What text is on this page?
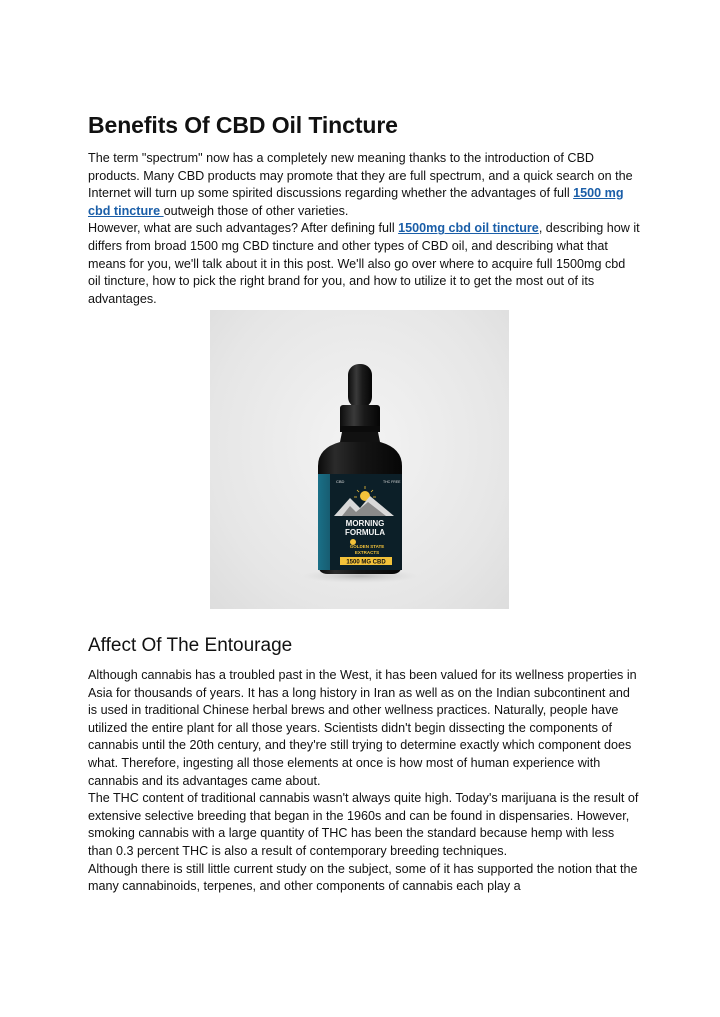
Benefits Of CBD Oil Tincture
The term "spectrum" now has a completely new meaning thanks to the introduction of CBD products. Many CBD products may promote that they are full spectrum, and a quick search on the Internet will turn up some spirited discussions regarding whether the advantages of full 1500 mg cbd tincture outweigh those of other varieties.
However, what are such advantages? After defining full 1500mg cbd oil tincture, describing how it differs from broad 1500 mg CBD tincture and other types of CBD oil, and describing what that means for you, we'll talk about it in this post. We'll also go over where to acquire full 1500mg cbd oil tincture, how to pick the right brand for you, and how to utilize it to get the most out of its advantages.
Affect Of The Entourage
Although cannabis has a troubled past in the West, it has been valued for its wellness properties in Asia for thousands of years. It has a long history in Iran as well as on the Indian subcontinent and is used in traditional Chinese herbal brews and other wellness practices. Naturally, people have utilized the entire plant for all those years. Scientists didn't begin dissecting the components of cannabis until the 20th century, and they're still trying to determine exactly which component does what. Therefore, ingesting all those elements at once is how most of human experience with cannabis and its advantages came about.
The THC content of traditional cannabis wasn't always quite high. Today's marijuana is the result of extensive selective breeding that began in the 1960s and can be found in dispensaries. However, smoking cannabis with a large quantity of THC has been the standard because hemp with less than 0.3 percent THC is also a result of contemporary breeding techniques.
Although there is still little current study on the subject, some of it has supported the notion that the many cannabinoids, terpenes, and other components of cannabis each play a
CBD	THC FREE
MORNING
FORMULA
GOLDEN STATE
EXTRACTS
1500 MG CBD
